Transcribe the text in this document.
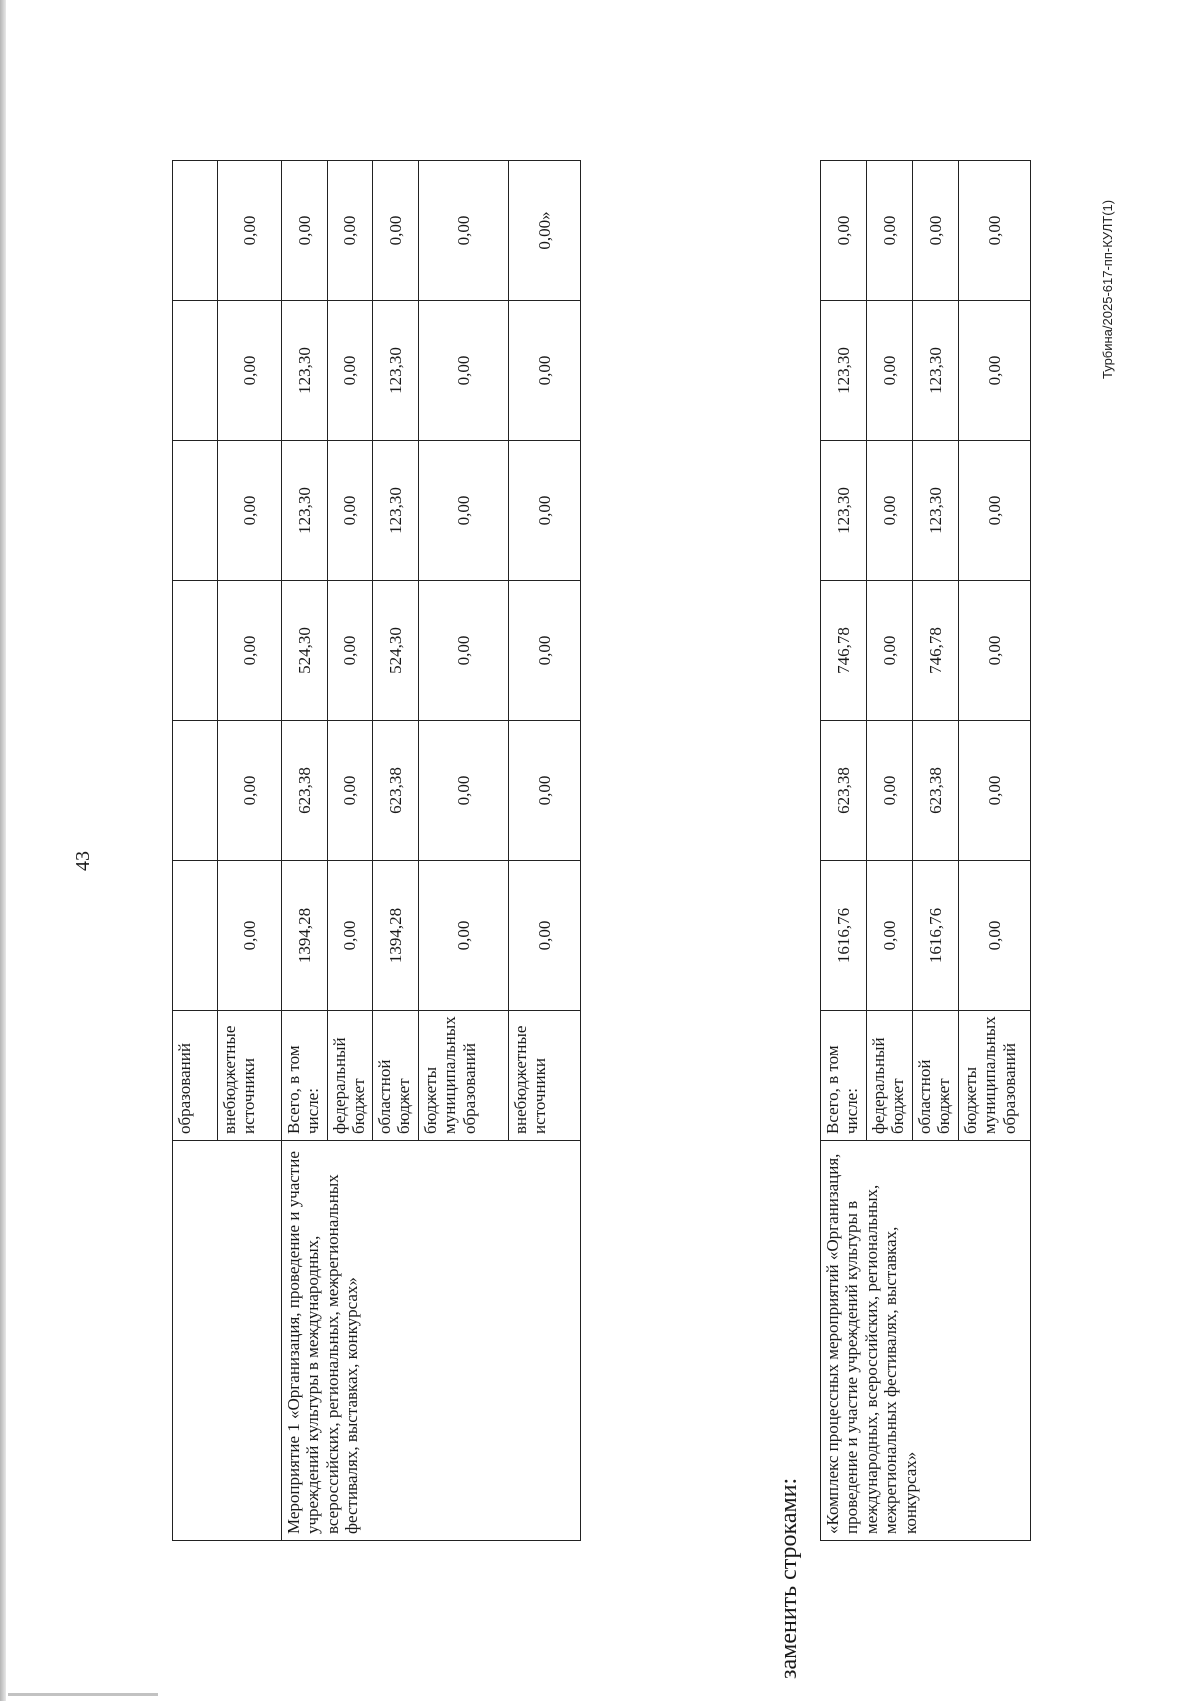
43
	образований						
	внебюджетные источники	0,00	0,00	0,00	0,00	0,00	0,00
Мероприятие 1 «Организация, проведение и участие учреждений культуры в международных, всероссийских, региональных, межрегиональных фестивалях, выставках, конкурсах»	Всего, в том числе:	1394,28	623,38	524,30	123,30	123,30	0,00
	федеральный бюджет	0,00	0,00	0,00	0,00	0,00	0,00
	областной бюджет	1394,28	623,38	524,30	123,30	123,30	0,00
	бюджеты муниципальных образований	0,00	0,00	0,00	0,00	0,00	0,00
	внебюджетные источники	0,00	0,00	0,00	0,00	0,00	0,00»
заменить строками:
«Комплекс процессных мероприятий «Организация, проведение и участие учреждений культуры в международных, всероссийских, региональных, межрегиональных фестивалях, выставках, конкурсах»	Всего, в том числе:	1616,76	623,38	746,78	123,30	123,30	0,00
	федеральный бюджет	0,00	0,00	0,00	0,00	0,00	0,00
	областной бюджет	1616,76	623,38	746,78	123,30	123,30	0,00
	бюджеты муниципальных образований	0,00	0,00	0,00	0,00	0,00	0,00	Турбина/2025-617-пп-КУЛТ(1)
